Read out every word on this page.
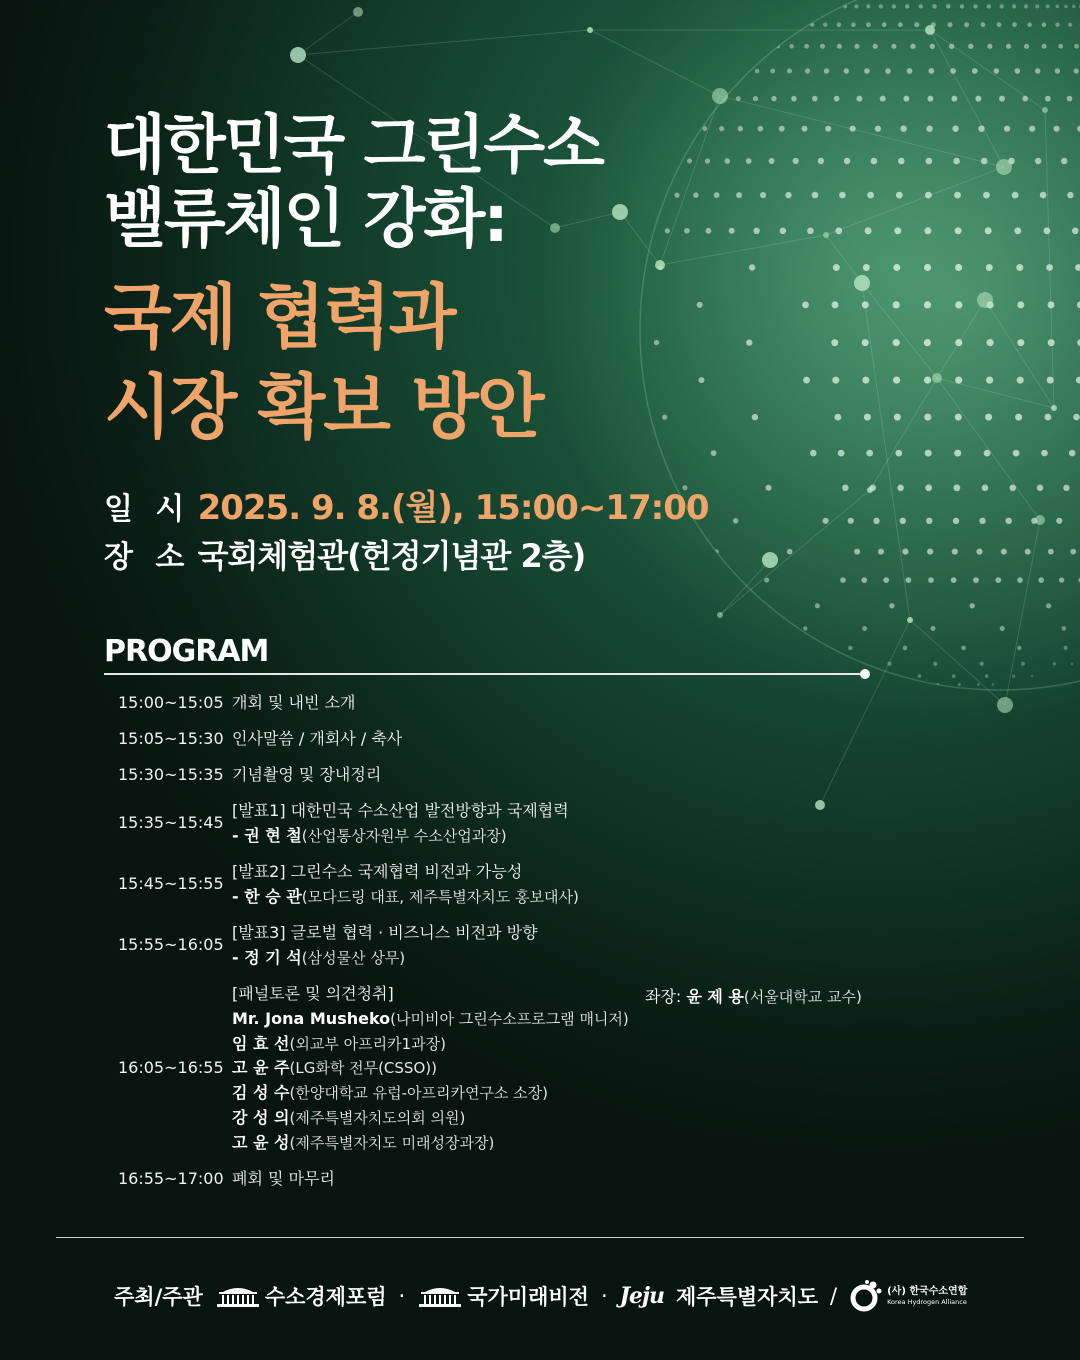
대한민국 그린수소
밸류체인 강화:
국제 협력과
시장 확보 방안
일 시 2025. 9. 8.(월), 15:00~17:00
장 소 국회체험관(헌정기념관 2층)
PROGRAM
15:00~15:05 개회 및 내빈 소개
15:05~15:30 인사말씀 / 개회사 / 축사
15:30~15:35 기념촬영 및 장내정리
15:35~15:45
[발표1] 대한민국 수소산업 발전방향과 국제협력
- 권 현 철(산업통상자원부 수소산업과장)
15:45~15:55
[발표2] 그린수소 국제협력 비전과 가능성
- 한 승 관(모다드링 대표, 제주특별자치도 홍보대사)
15:55~16:05
[발표3] 글로벌 협력 · 비즈니스 비전과 방향
- 정 기 석(삼성물산 상무)
16:05~16:55
[패널토론 및 의견청취]
Mr. Jona Musheko(나미비아 그린수소프로그램 매니저)
임 효 선(외교부 아프리카1과장)
고 윤 주(LG화학 전무(CSSO))
김 성 수(한양대학교 유럽-아프리카연구소 소장)
강 성 의(제주특별자치도의회 의원)
고 윤 성(제주특별자치도 미래성장과장)
좌장: 윤 제 용(서울대학교 교수)
16:55~17:00 폐회 및 마무리
주최/주관	수소경제포럼 ·	국가미래비전 · Jeju 제주특별자치도 /	(사) 한국수소연합
Korea Hydrogen Alliance
